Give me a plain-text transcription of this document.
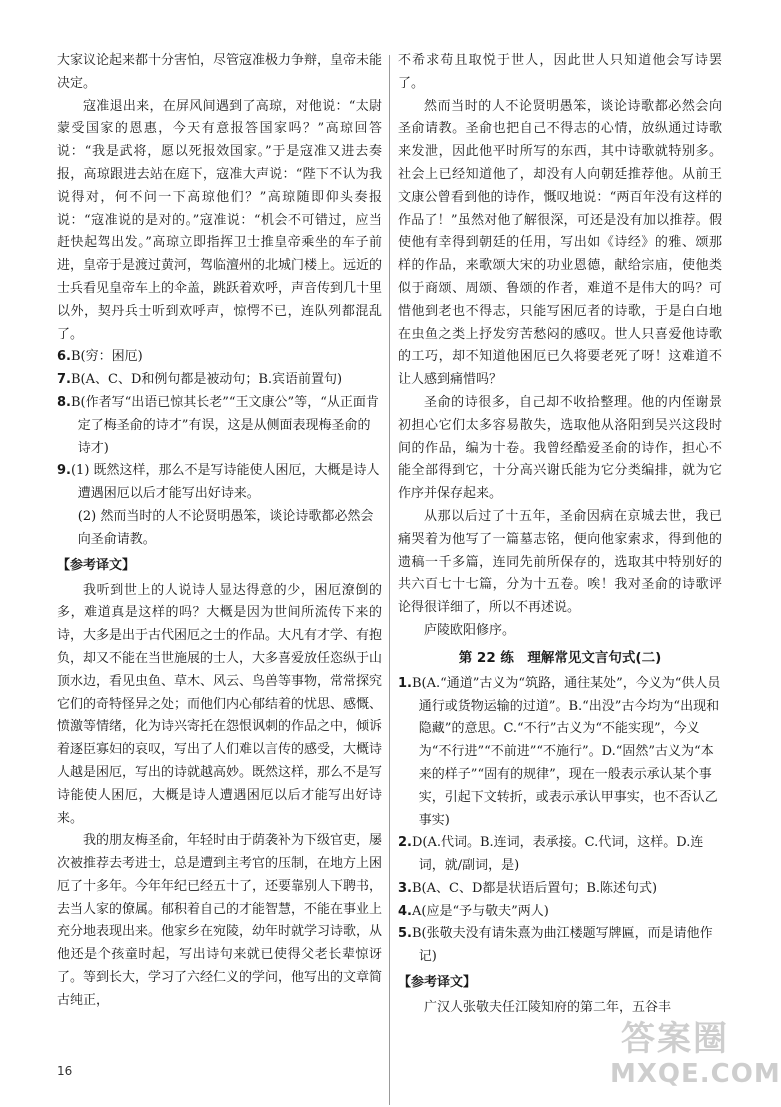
大家议论起来都十分害怕，尽管寇准极力争辩，皇帝未能决定。

寇准退出来，在屏风间遇到了高琼，对他说：“太尉蒙受国家的恩惠，今天有意报答国家吗？”高琼回答说：“我是武将，愿以死报效国家。”于是寇准又进去奏报，高琼跟进去站在庭下，寇准大声说：“陛下不认为我说得对，何不问一下高琼他们？”高琼随即仰头奏报说：“寇准说的是对的。”寇准说：“机会不可错过，应当赶快起驾出发。”高琼立即指挥卫士推皇帝乘坐的车子前进，皇帝于是渡过黄河，驾临澶州的北城门楼上。远近的士兵看见皇帝车上的伞盖，跳跃着欢呼，声音传到几十里以外，契丹兵士听到欢呼声，惊愕不已，连队列都混乱了。

6.B(穷：困厄)
7.B(A、C、D和例句都是被动句；B.宾语前置句)
8.B(作者写“出语已惊其长老”“王文康公”等，“从正面肯定了梅圣俞的诗才”有误，这是从侧面表现梅圣俞的诗才)
9.(1) 既然这样，那么不是写诗能使人困厄，大概是诗人遭遇困厄以后才能写出好诗来。
(2) 然而当时的人不论贤明愚笨，谈论诗歌都必然会向圣俞请教。
【参考译文】

我听到世上的人说诗人显达得意的少，困厄潦倒的多，难道真是这样的吗？大概是因为世间所流传下来的诗，大多是出于古代困厄之士的作品。大凡有才学、有抱负，却又不能在当世施展的士人，大多喜爱放任恣纵于山顶水边，看见虫鱼、草木、风云、鸟兽等事物，常常探究它们的奇特怪异之处；而他们内心郁结着的忧思、感慨、愤激等情绪，化为诗兴寄托在怨恨讽刺的作品之中，倾诉着逐臣寡妇的哀叹，写出了人们难以言传的感受，大概诗人越是困厄，写出的诗就越高妙。既然这样，那么不是写诗能使人困厄，大概是诗人遭遇困厄以后才能写出好诗来。

我的朋友梅圣俞，年轻时由于荫袭补为下级官吏，屡次被推荐去考进士，总是遭到主考官的压制，在地方上困厄了十多年。今年年纪已经五十了，还要靠别人下聘书，去当人家的僚属。郁积着自己的才能智慧，不能在事业上充分地表现出来。他家乡在宛陵，幼年时就学习诗歌，从他还是个孩童时起，写出诗句来就已使得父老长辈惊讶了。等到长大，学习了六经仁义的学问，他写出的文章简古纯正，

不希求苟且取悦于世人，因此世人只知道他会写诗罢了。

然而当时的人不论贤明愚笨，谈论诗歌都必然会向圣俞请教。圣俞也把自己不得志的心情，放纵通过诗歌来发泄，因此他平时所写的东西，其中诗歌就特别多。社会上已经知道他了，却没有人向朝廷推荐他。从前王文康公曾看到他的诗作，慨叹地说：“两百年没有这样的作品了！”虽然对他了解很深，可还是没有加以推荐。假使他有幸得到朝廷的任用，写出如《诗经》的雅、颂那样的作品，来歌颂大宋的功业恩德，献给宗庙，使他类似于商颂、周颂、鲁颂的作者，难道不是伟大的吗？可惜他到老也不得志，只能写困厄者的诗歌，于是白白地在虫鱼之类上抒发穷苦愁闷的感叹。世人只喜爱他诗歌的工巧，却不知道他困厄已久将要老死了呀！这难道不让人感到痛惜吗？

圣俞的诗很多，自己却不收拾整理。他的内侄谢景初担心它们太多容易散失，选取他从洛阳到吴兴这段时间的作品，编为十卷。我曾经酷爱圣俞的诗作，担心不能全部得到它，十分高兴谢氏能为它分类编排，就为它作序并保存起来。

从那以后过了十五年，圣俞因病在京城去世，我已痛哭着为他写了一篇墓志铭，便向他家索求，得到他的遗稿一千多篇，连同先前所保存的，选取其中特别好的共六百七十七篇，分为十五卷。唉！我对圣俞的诗歌评论得很详细了，所以不再述说。

庐陵欧阳修序。
第 22 练　理解常见文言句式(二)
1.B(A.“通道”古义为“筑路，通往某处”，今义为“供人员通行或货物运输的过道”。B.“出没”古今均为“出现和隐藏”的意思。C.“不行”古义为“不能实现”，今义为“不行进”“不前进”“不施行”。D.“固然”古义为“本来的样子”“固有的规律”，现在一般表示承认某个事实，引起下文转折，或表示承认甲事实，也不否认乙事实)
2.D(A.代词。B.连词，表承接。C.代词，这样。D.连词，就/副词，是)
3.B(A、C、D都是状语后置句；B.陈述句式)
4.A(应是“予与敬夫”两人)
5.B(张敬夫没有请朱熹为曲江楼题写牌匾，而是请他作记)
【参考译文】

广汉人张敬夫任江陵知府的第二年，五谷丰

16
答案圈
MXQE.COM
